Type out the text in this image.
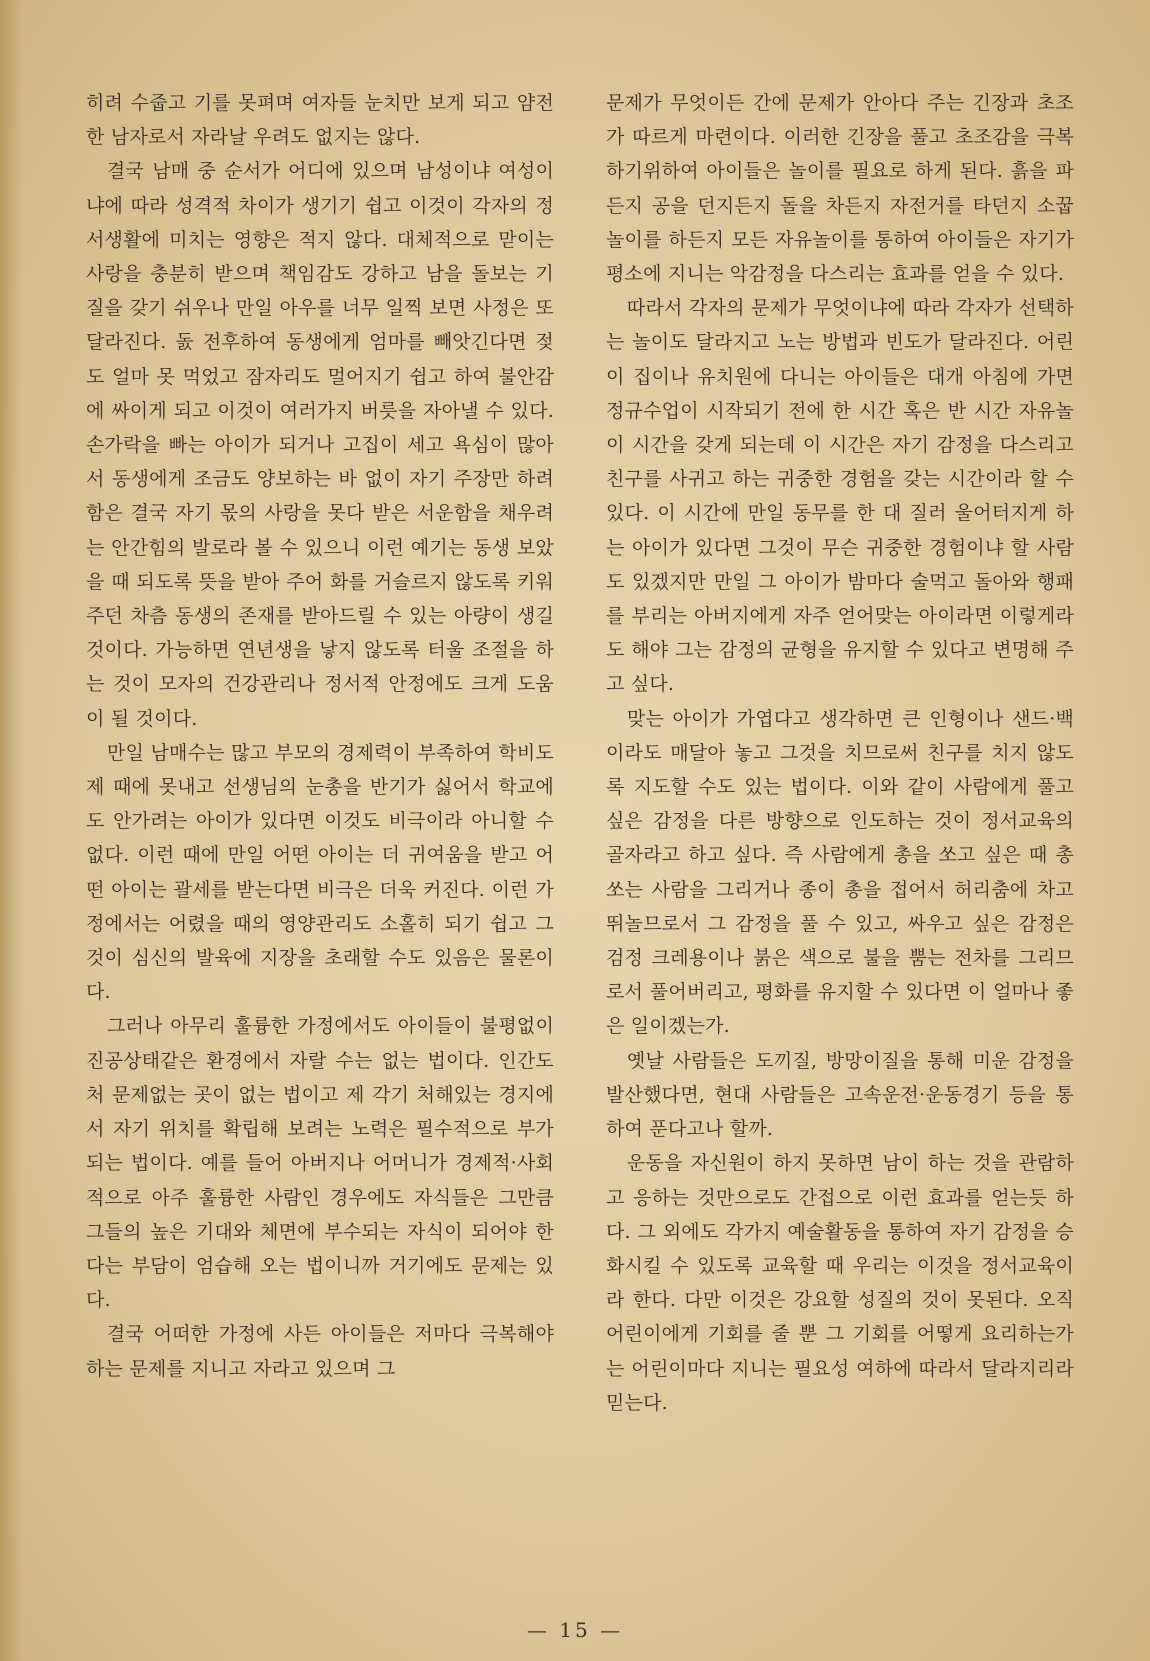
히려 수줍고 기를 못펴며 여자들 눈치만 보게 되고 얌전한 남자로서 자라날 우려도 없지는 않다.

결국 남매 중 순서가 어디에 있으며 남성이냐 여성이냐에 따라 성격적 차이가 생기기 쉽고 이것이 각자의 정서생활에 미치는 영향은 적지 않다. 대체적으로 맏이는 사랑을 충분히 받으며 책임감도 강하고 남을 돌보는 기질을 갖기 쉬우나 만일 아우를 너무 일찍 보면 사정은 또 달라진다. 돐 전후하여 동생에게 엄마를 빼앗긴다면 젖도 얼마 못 먹었고 잠자리도 멀어지기 쉽고 하여 불안감에 싸이게 되고 이것이 여러가지 버릇을 자아낼 수 있다. 손가락을 빠는 아이가 되거나 고집이 세고 욕심이 많아서 동생에게 조금도 양보하는 바 없이 자기 주장만 하려 함은 결국 자기 몫의 사랑을 못다 받은 서운함을 채우려는 안간힘의 발로라 볼 수 있으니 이런 예기는 동생 보았을 때 되도록 뜻을 받아 주어 화를 거슬르지 않도록 키워주던 차츰 동생의 존재를 받아드릴 수 있는 아량이 생길 것이다. 가능하면 연년생을 낳지 않도록 터울 조절을 하는 것이 모자의 건강관리나 정서적 안정에도 크게 도움이 될 것이다.

만일 남매수는 많고 부모의 경제력이 부족하여 학비도 제 때에 못내고 선생님의 눈총을 반기가 싫어서 학교에도 안가려는 아이가 있다면 이것도 비극이라 아니할 수 없다. 이런 때에 만일 어떤 아이는 더 귀여움을 받고 어떤 아이는 괄세를 받는다면 비극은 더욱 커진다. 이런 가정에서는 어렸을 때의 영양관리도 소홀히 되기 쉽고 그것이 심신의 발육에 지장을 초래할 수도 있음은 물론이다.

그러나 아무리 훌륭한 가정에서도 아이들이 불평없이 진공상태같은 환경에서 자랄 수는 없는 법이다. 인간도처 문제없는 곳이 없는 법이고 제 각기 처해있는 경지에서 자기 위치를 확립해 보려는 노력은 필수적으로 부가되는 법이다. 예를 들어 아버지나 어머니가 경제적·사회적으로 아주 훌륭한 사람인 경우에도 자식들은 그만큼 그들의 높은 기대와 체면에 부수되는 자식이 되어야 한다는 부담이 엄습해 오는 법이니까 거기에도 문제는 있다.

결국 어떠한 가정에 사든 아이들은 저마다 극복해야 하는 문제를 지니고 자라고 있으며 그

문제가 무엇이든 간에 문제가 안아다 주는 긴장과 초조가 따르게 마련이다. 이러한 긴장을 풀고 초조감을 극복하기위하여 아이들은 놀이를 필요로 하게 된다. 흙을 파든지 공을 던지든지 돌을 차든지 자전거를 타던지 소꿉놀이를 하든지 모든 자유놀이를 통하여 아이들은 자기가 평소에 지니는 악감정을 다스리는 효과를 얻을 수 있다.

따라서 각자의 문제가 무엇이냐에 따라 각자가 선택하는 놀이도 달라지고 노는 방법과 빈도가 달라진다. 어린이 집이나 유치원에 다니는 아이들은 대개 아침에 가면 정규수업이 시작되기 전에 한 시간 혹은 반 시간 자유놀이 시간을 갖게 되는데 이 시간은 자기 감정을 다스리고 친구를 사귀고 하는 귀중한 경험을 갖는 시간이라 할 수 있다. 이 시간에 만일 동무를 한 대 질러 울어터지게 하는 아이가 있다면 그것이 무슨 귀중한 경험이냐 할 사람도 있겠지만 만일 그 아이가 밤마다 술먹고 돌아와 행패를 부리는 아버지에게 자주 얻어맞는 아이라면 이렇게라도 해야 그는 감정의 균형을 유지할 수 있다고 변명해 주고 싶다.

맞는 아이가 가엽다고 생각하면 큰 인형이나 샌드·백이라도 매달아 놓고 그것을 치므로써 친구를 치지 않도록 지도할 수도 있는 법이다. 이와 같이 사람에게 풀고 싶은 감정을 다른 방향으로 인도하는 것이 정서교육의 골자라고 하고 싶다. 즉 사람에게 총을 쏘고 싶은 때 총 쏘는 사람을 그리거나 종이 총을 접어서 허리춤에 차고 뛰놀므로서 그 감정을 풀 수 있고, 싸우고 싶은 감정은 검정 크레용이나 붉은 색으로 불을 뿜는 전차를 그리므로서 풀어버리고, 평화를 유지할 수 있다면 이 얼마나 좋은 일이겠는가.

옛날 사람들은 도끼질, 방망이질을 통해 미운 감정을 발산했다면, 현대 사람들은 고속운전·운동경기 등을 통하여 푼다고나 할까.

운동을 자신원이 하지 못하면 남이 하는 것을 관람하고 응하는 것만으로도 간접으로 이런 효과를 얻는듯 하다. 그 외에도 각가지 예술활동을 통하여 자기 감정을 승화시킬 수 있도록 교육할 때 우리는 이것을 정서교육이라 한다. 다만 이것은 강요할 성질의 것이 못된다. 오직 어린이에게 기회를 줄 뿐 그 기회를 어떻게 요리하는가는 어린이마다 지니는 필요성 여하에 따라서 달라지리라 믿는다.

— 15 —
